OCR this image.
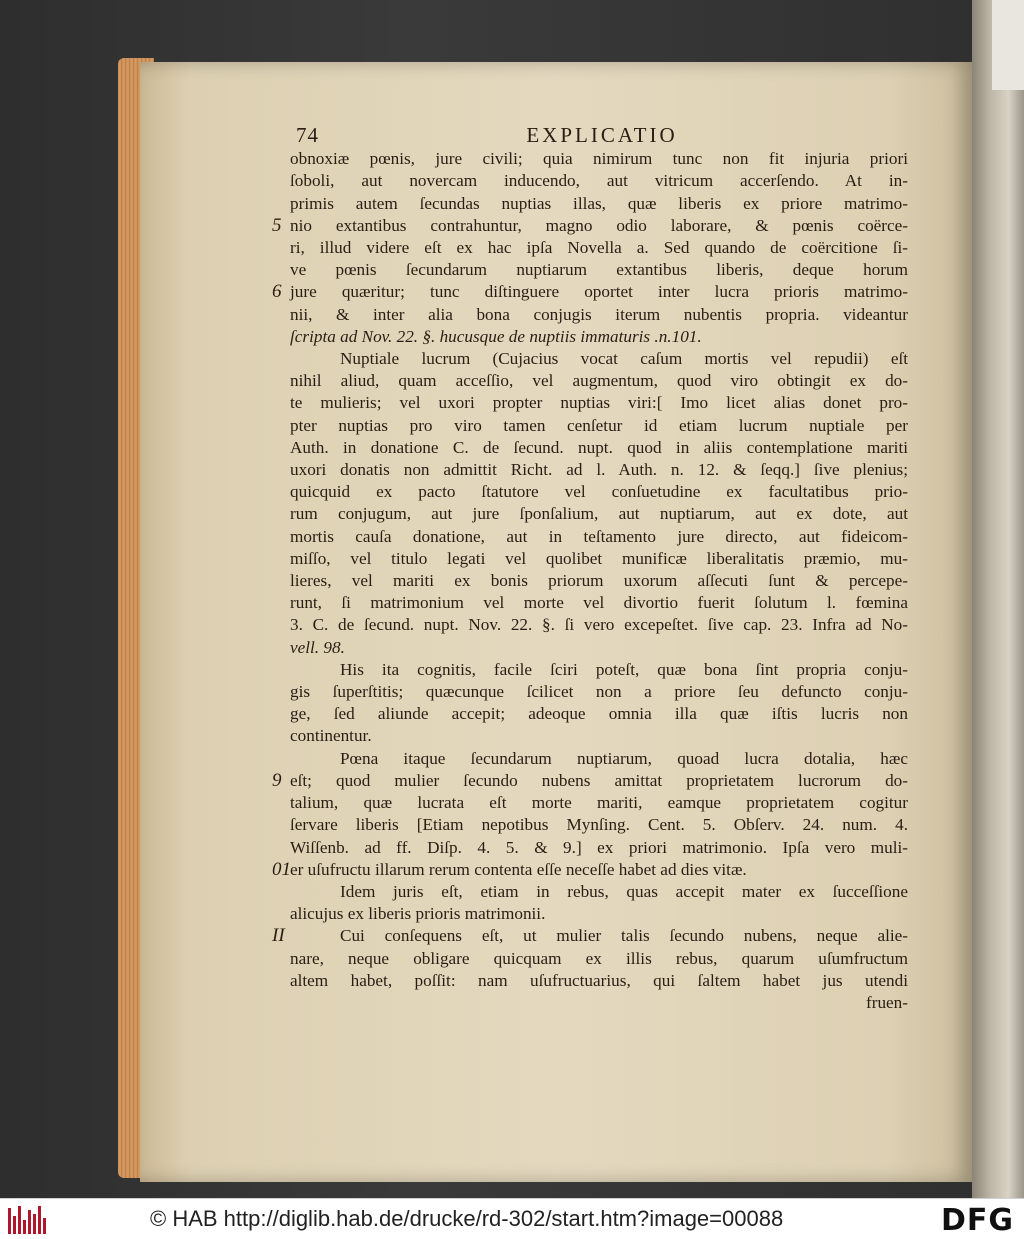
74	EXPLICATIO
obnoxiæ pœnis, jure civili; quia nimirum tunc non fit injuria priori
ſoboli, aut novercam inducendo, aut vitricum accerſendo. At in-
primis autem ſecundas nuptias illas, quæ liberis ex priore matrimo-
nio extantibus contrahuntur, magno odio laborare, & pœnis coërce-
5
ri, illud videre eſt ex hac ipſa Novella a. Sed quando de coërcitione ſi-
ve pœnis ſecundarum nuptiarum extantibus liberis, deque horum
jure quæritur; tunc diſtinguere oportet inter lucra prioris matrimo-
6
nii, & inter alia bona conjugis iterum nubentis propria. videantur
ſcripta ad Nov. 22. §. hucusque de nuptiis immaturis .n.101.
Nuptiale lucrum (Cujacius vocat caſum mortis vel repudii) eſt
nihil aliud, quam acceſſio, vel augmentum, quod viro obtingit ex do-
te mulieris; vel uxori propter nuptias viri:[ Imo licet alias donet pro-
pter nuptias pro viro tamen cenſetur id etiam lucrum nuptiale per
Auth. in donatione C. de ſecund. nupt. quod in aliis contemplatione mariti
uxori donatis non admittit Richt. ad l. Auth. n. 12. & ſeqq.] ſive plenius;
quicquid ex pacto ſtatutore vel conſuetudine ex facultatibus prio-
rum conjugum, aut jure ſponſalium, aut nuptiarum, aut ex dote, aut
mortis cauſa donatione, aut in teſtamento jure directo, aut fideicom-
miſſo, vel titulo legati vel quolibet munificæ liberalitatis præmio, mu-
lieres, vel mariti ex bonis priorum uxorum aſſecuti ſunt & percepe-
runt, ſi matrimonium vel morte vel divortio fuerit ſolutum l. fœmina
3. C. de ſecund. nupt. Nov. 22. §. ſi vero excepeſtet. ſive cap. 23. Infra ad No-
vell. 98.
His ita cognitis, facile ſciri poteſt, quæ bona ſint propria conju-
gis ſuperſtitis; quæcunque ſcilicet non a priore ſeu defuncto conju-
ge, ſed aliunde accepit; adeoque omnia illa quæ iſtis lucris non
continentur.
Pœna itaque ſecundarum nuptiarum, quoad lucra dotalia, hæc
eſt; quod mulier ſecundo nubens amittat proprietatem lucrorum do-
9
talium, quæ lucrata eſt morte mariti, eamque proprietatem cogitur
ſervare liberis [Etiam nepotibus Mynſing. Cent. 5. Obſerv. 24. num. 4.
Wiſſenb. ad ff. Diſp. 4. 5. & 9.] ex priori matrimonio. Ipſa vero muli-
er uſufructu illarum rerum contenta eſſe neceſſe habet ad dies vitæ.
01
Idem juris eſt, etiam in rebus, quas accepit mater ex ſucceſſione
alicujus ex liberis prioris matrimonii.
Cui conſequens eſt, ut mulier talis ſecundo nubens, neque alie-
II
nare, neque obligare quicquam ex illis rebus, quarum uſumfructum
altem habet, poſſit: nam uſufructuarius, qui ſaltem habet jus utendi
fruen-
© HAB http://diglib.hab.de/drucke/rd-302/start.htm?image=00088	DFG
